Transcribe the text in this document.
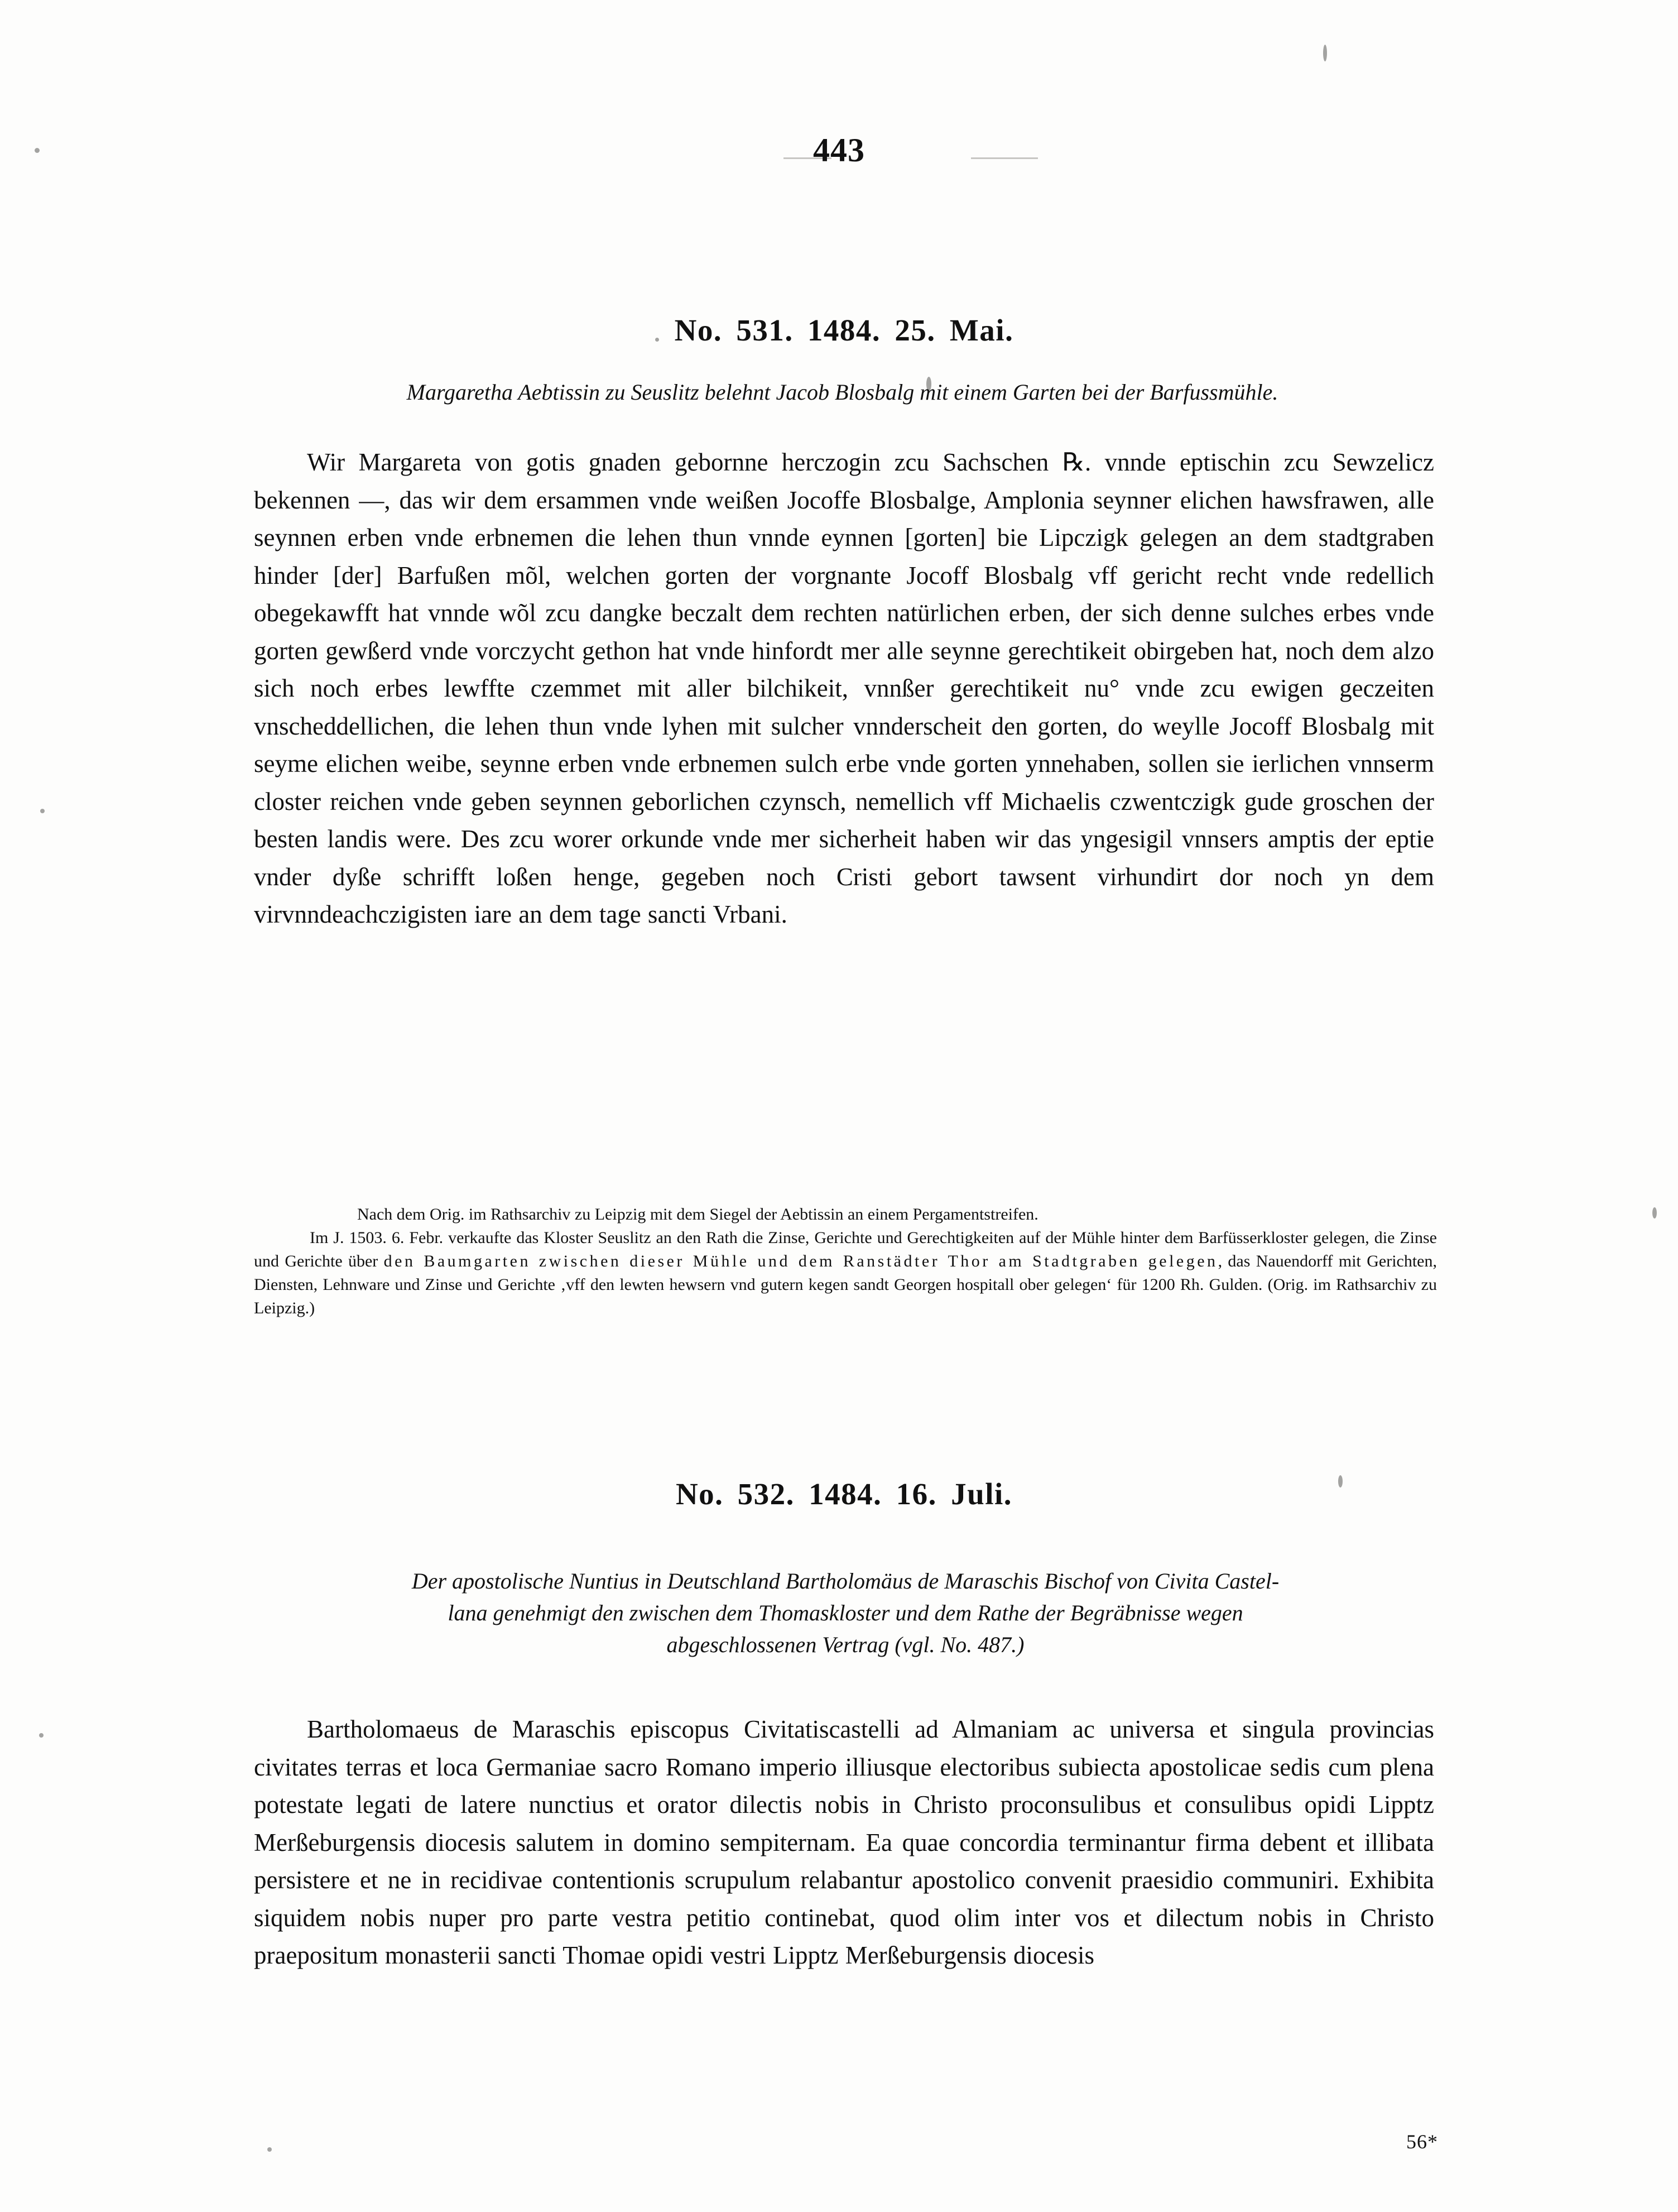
443
No. 531. 1484. 25. Mai.

Margaretha Aebtissin zu Seuslitz belehnt Jacob Blosbalg mit einem Garten bei der Barfussmühle.

Wir Margareta von gotis gnaden gebornne herczogin zcu Sachschen ℞. vnnde eptischin zcu Sewzelicz bekennen —, das wir dem ersammen vnde weißen Jocoffe Blosbalge, Amplonia seynner elichen hawsfrawen, alle seynnen erben vnde erbnemen die lehen thun vnnde eynnen [gorten] bie Lipczigk gelegen an dem stadtgraben hinder [der] Barfußen mõl, welchen gorten der vorgnante Jocoff Blosbalg vff gericht recht vnde redellich obegekawfft hat vnnde wõl zcu dangke beczalt dem rechten natürlichen erben, der sich denne sulches erbes vnde gorten gewßerd vnde vorczycht gethon hat vnde hinfordt mer alle seynne gerechtikeit obirgeben hat, noch dem alzo sich noch erbes lewffte czemmet mit aller bilchikeit, vnnßer gerechtikeit nu° vnde zcu ewigen geczeiten vnscheddellichen, die lehen thun vnde lyhen mit sulcher vnnderscheit den gorten, do weylle Jocoff Blosbalg mit seyme elichen weibe, seynne erben vnde erbnemen sulch erbe vnde gorten ynnehaben, sollen sie ierlichen vnnserm closter reichen vnde geben seynnen geborlichen czynsch, nemellich vff Michaelis czwentczigk gude groschen der besten landis were. Des zcu worer orkunde vnde mer sicherheit haben wir das yngesigil vnnsers amptis der eptie vnder dyße schrifft loßen henge, gegeben noch Cristi gebort tawsent virhundirt dor noch yn dem virvnndeachczigisten iare an dem tage sancti Vrbani.

Nach dem Orig. im Rathsarchiv zu Leipzig mit dem Siegel der Aebtissin an einem Pergamentstreifen.

Im J. 1503. 6. Febr. verkaufte das Kloster Seuslitz an den Rath die Zinse, Gerichte und Gerechtigkeiten auf der Mühle hinter dem Barfüsserkloster gelegen, die Zinse und Gerichte über den Baumgarten zwischen dieser Mühle und dem Ranstädter Thor am Stadtgraben gelegen, das Nauendorff mit Gerichten, Diensten, Lehnware und Zinse und Gerichte ‚vff den lewten hewsern vnd gutern kegen sandt Georgen hospitall ober gelegen‘ für 1200 Rh. Gulden. (Orig. im Rathsarchiv zu Leipzig.)

No. 532. 1484. 16. Juli.

Der apostolische Nuntius in Deutschland Bartholomäus de Maraschis Bischof von Civita Castel-

lana genehmigt den zwischen dem Thomaskloster und dem Rathe der Begräbnisse wegen

abgeschlossenen Vertrag (vgl. No. 487.)

Bartholomaeus de Maraschis episcopus Civitatiscastelli ad Almaniam ac universa et singula provincias civitates terras et loca Germaniae sacro Romano imperio illiusque electoribus subiecta apostolicae sedis cum plena potestate legati de latere nunctius et orator dilectis nobis in Christo proconsulibus et consulibus opidi Lipptz Merßeburgensis diocesis salutem in domino sempiternam. Ea quae concordia terminantur firma debent et illibata persistere et ne in recidivae contentionis scrupulum relabantur apostolico convenit praesidio communiri. Exhibita siquidem nobis nuper pro parte vestra petitio continebat, quod olim inter vos et dilectum nobis in Christo praepositum monasterii sancti Thomae opidi vestri Lipptz Merßeburgensis diocesis

56*
